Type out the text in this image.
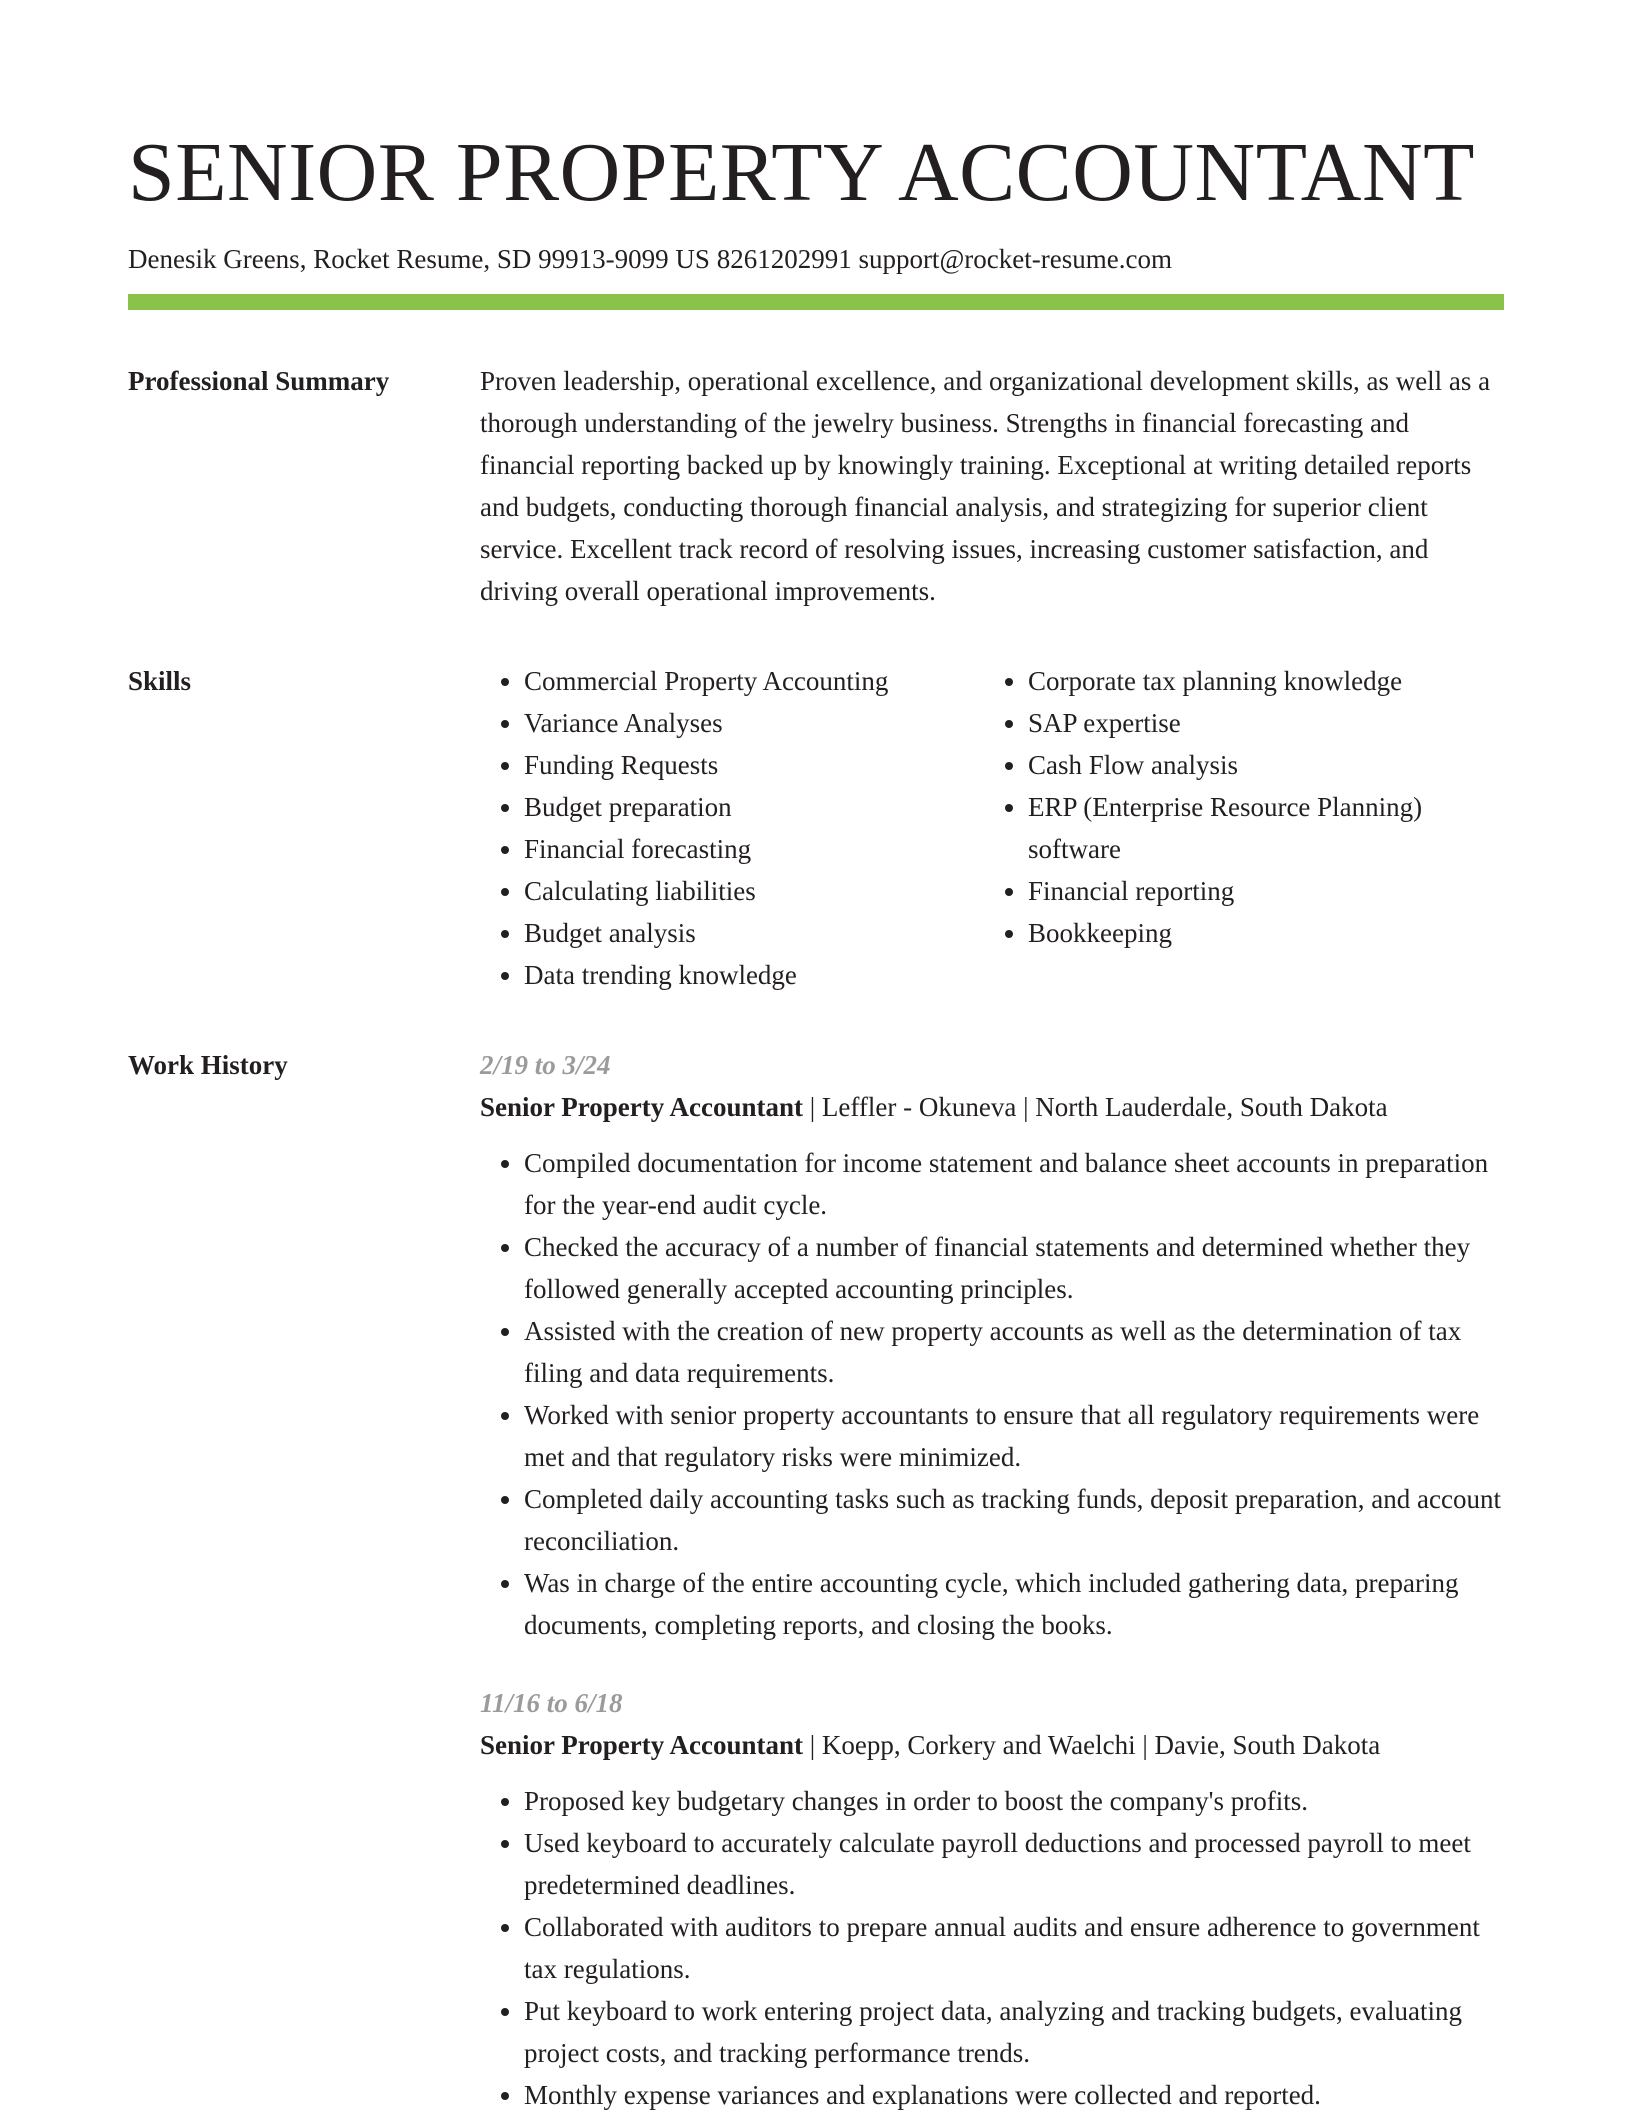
SENIOR PROPERTY ACCOUNTANT
Denesik Greens, Rocket Resume, SD 99913-9099 US 8261202991 support@rocket-resume.com
Professional Summary	Proven leadership, operational excellence, and organizational development skills, as well as a thorough understanding of the jewelry business. Strengths in financial forecasting and financial reporting backed up by knowingly training. Exceptional at writing detailed reports and budgets, conducting thorough financial analysis, and strategizing for superior client service. Excellent track record of resolving issues, increasing customer satisfaction, and driving overall operational improvements.

Skills
•	Commercial Property Accounting
• Variance Analyses
• Funding Requests
• Budget preparation
• Financial forecasting
• Calculating liabilities
• Budget analysis
• Data trending knowledge
• Corporate tax planning knowledge
• SAP expertise
• Cash Flow analysis
• ERP (Enterprise Resource Planning) software
• Financial reporting
• Bookkeeping
Work History	2/19 to 3/24
Senior Property Accountant | Leffler - Okuneva | North Lauderdale, South Dakota
• Compiled documentation for income statement and balance sheet accounts in preparation for the year-end audit cycle.
• Checked the accuracy of a number of financial statements and determined whether they followed generally accepted accounting principles.
• Assisted with the creation of new property accounts as well as the determination of tax filing and data requirements.
• Worked with senior property accountants to ensure that all regulatory requirements were met and that regulatory risks were minimized.
• Completed daily accounting tasks such as tracking funds, deposit preparation, and account reconciliation.
• Was in charge of the entire accounting cycle, which included gathering data, preparing documents, completing reports, and closing the books.
11/16 to 6/18
Senior Property Accountant | Koepp, Corkery and Waelchi | Davie, South Dakota
• Proposed key budgetary changes in order to boost the company's profits.
• Used keyboard to accurately calculate payroll deductions and processed payroll to meet predetermined deadlines.
• Collaborated with auditors to prepare annual audits and ensure adherence to government tax regulations.
• Put keyboard to work entering project data, analyzing and tracking budgets, evaluating project costs, and tracking performance trends.
• Monthly expense variances and explanations were collected and reported.
